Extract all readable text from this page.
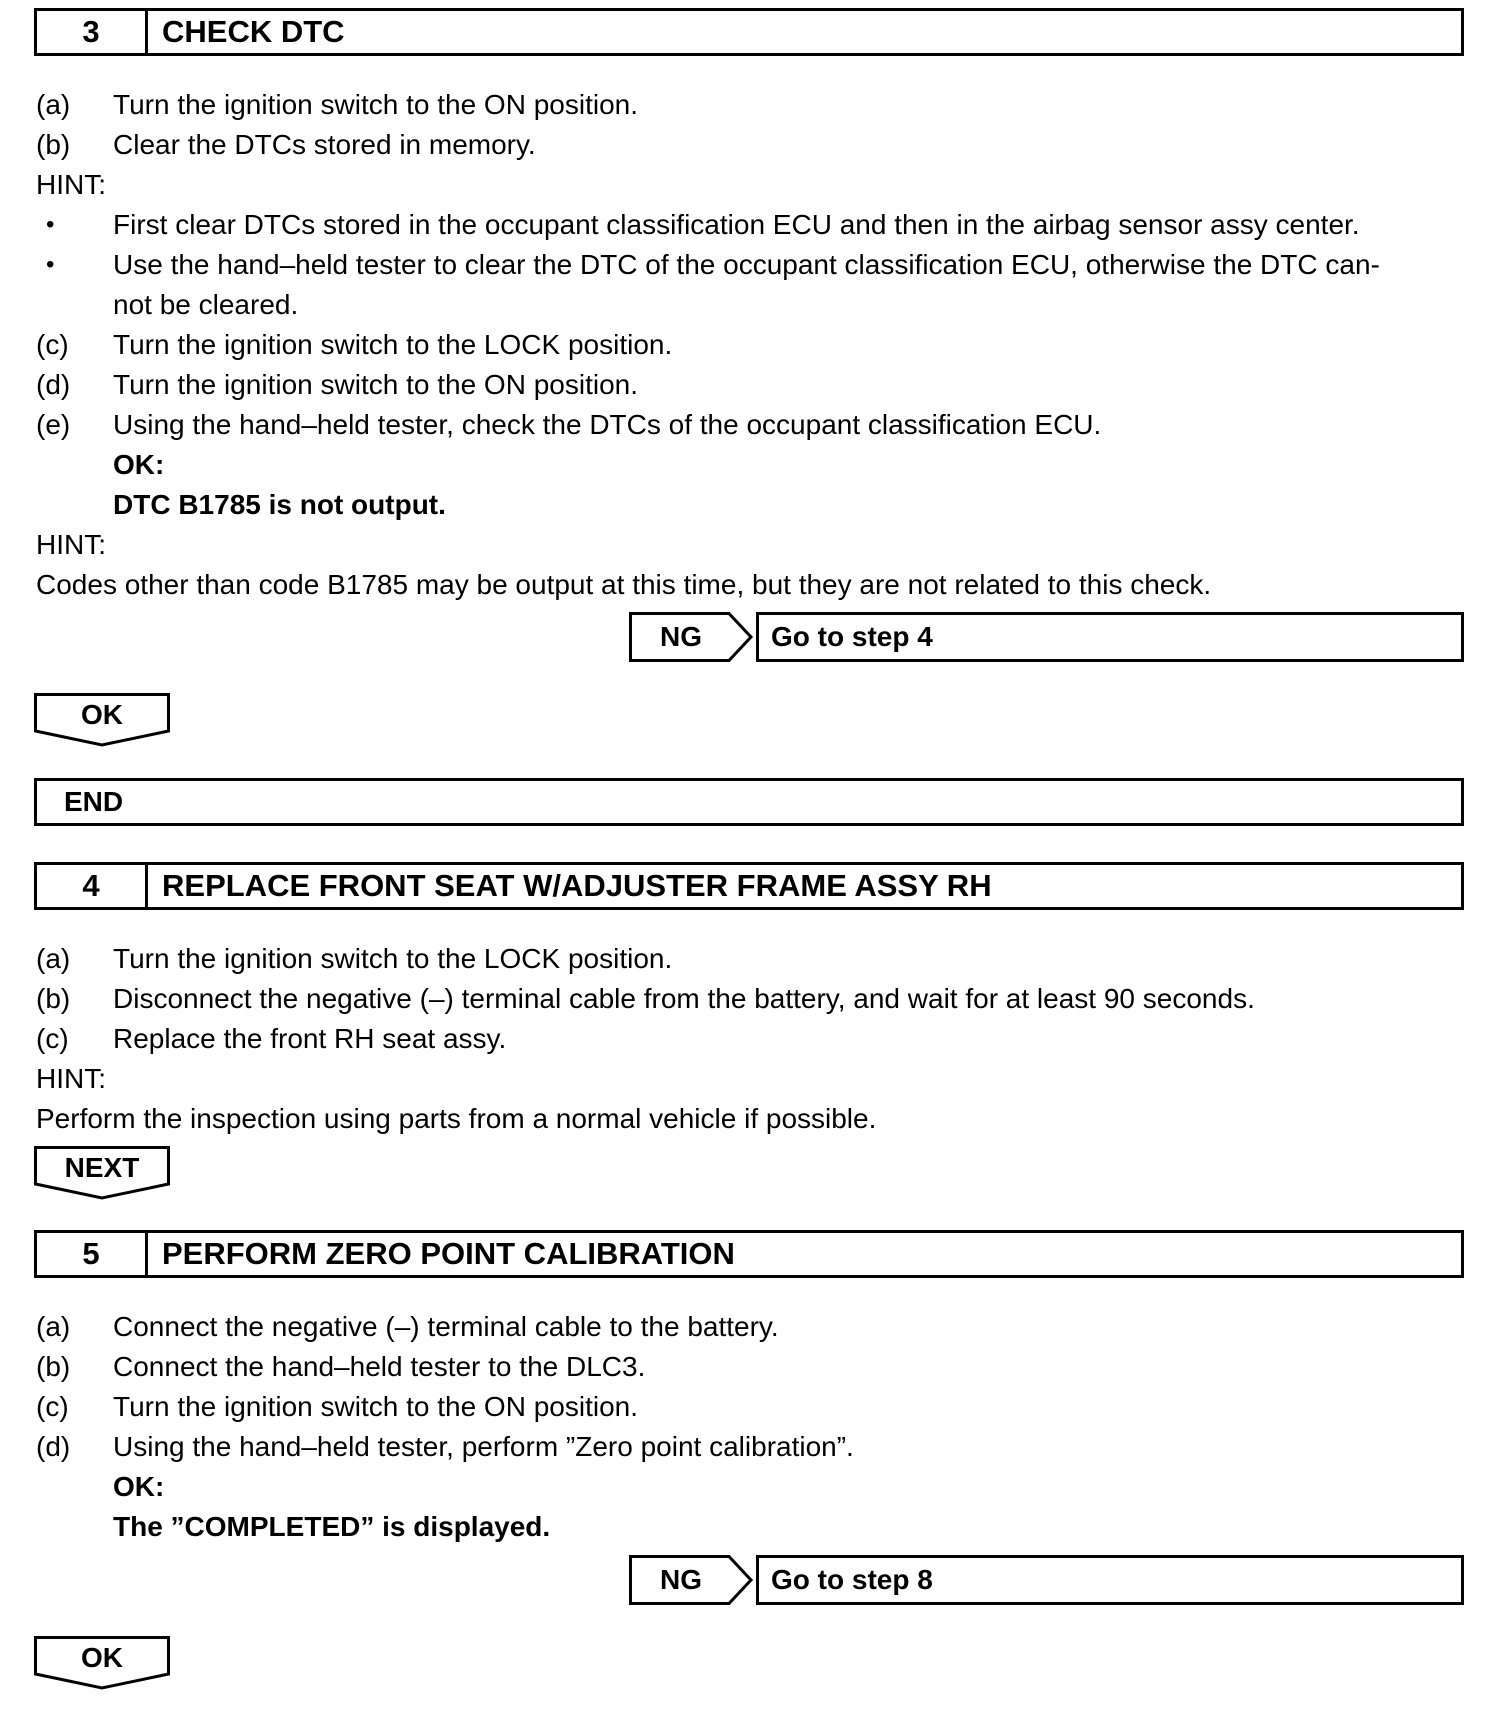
3	CHECK DTC
(a) Turn the ignition switch to the ON position.
(b) Clear the DTCs stored in memory.
HINT:
• First clear DTCs stored in the occupant classification ECU and then in the airbag sensor assy center.
• Use the hand–held tester to clear the DTC of the occupant classification ECU, otherwise the DTC can-
not be cleared.
(c) Turn the ignition switch to the LOCK position.
(d) Turn the ignition switch to the ON position.
(e) Using the hand–held tester, check the DTCs of the occupant classification ECU.
OK:
DTC B1785 is not output.
HINT:
Codes other than code B1785 may be output at this time, but they are not related to this check.
NG	Go to step 4
OK
END
4	REPLACE FRONT SEAT W/ADJUSTER FRAME ASSY RH
(a) Turn the ignition switch to the LOCK position.
(b) Disconnect the negative (–) terminal cable from the battery, and wait for at least 90 seconds.
(c) Replace the front RH seat assy.
HINT:
Perform the inspection using parts from a normal vehicle if possible.
NEXT
5	PERFORM ZERO POINT CALIBRATION
(a) Connect the negative (–) terminal cable to the battery.
(b) Connect the hand–held tester to the DLC3.
(c) Turn the ignition switch to the ON position.
(d) Using the hand–held tester, perform ”Zero point calibration”.
OK:
The ”COMPLETED” is displayed.
NG	Go to step 8
OK
